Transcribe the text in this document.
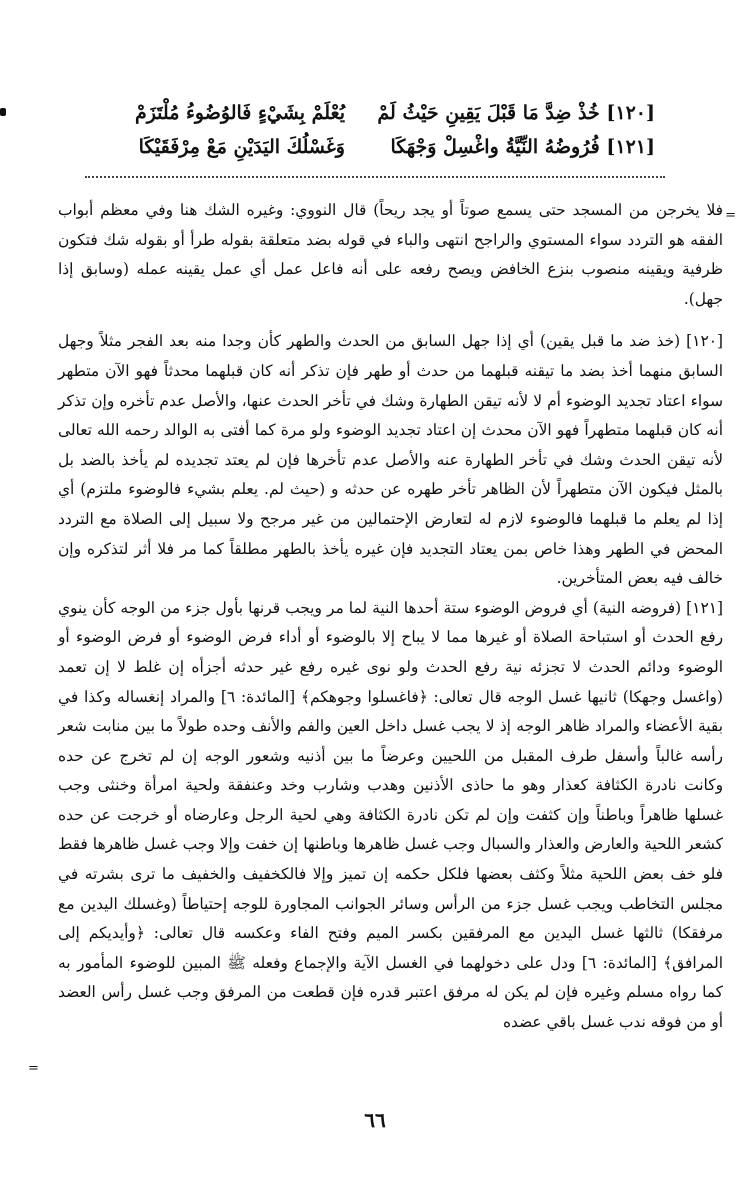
[١٢٠] خُذْ ضِدَّ مَا قَبْلَ يَقِينِ حَيْثُ لَمْ
يُعْلَمْ بِشَيْءٍ فَالوُضُوءُ مُلْتَزَمْ
[١٢١] فُرُوضُهُ النِّيَّةُ واغْسِلْ وَجْهَكَا
وَغَسْلُكَ اليَدَيْنِ مَعْ مِرْفَقَيْكَا
=

فلا يخرجن من المسجد حتى يسمع صوتاً أو يجد ريحاً) قال النووي: وغيره الشك هنا وفي معظم أبواب الفقه هو التردد سواء المستوي والراجح انتهى والباء في قوله بضد متعلقة بقوله طرأ أو بقوله شك فتكون ظرفية ويقينه منصوب بنزع الخافض ويصح رفعه على أنه فاعل عمل أي عمل يقينه عمله (وسابق إذا جهل).

[١٢٠] (خذ ضد ما قبل يقين) أي إذا جهل السابق من الحدث والطهر كأن وجدا منه بعد الفجر مثلاً وجهل السابق منهما أخذ بضد ما تيقنه قبلهما من حدث أو طهر فإن تذكر أنه كان قبلهما محدثاً فهو الآن متطهر سواء اعتاد تجديد الوضوء أم لا لأنه تيقن الطهارة وشك في تأخر الحدث عنها، والأصل عدم تأخره وإن تذكر أنه كان قبلهما متطهراً فهو الآن محدث إن اعتاد تجديد الوضوء ولو مرة كما أفتى به الوالد رحمه الله تعالى لأنه تيقن الحدث وشك في تأخر الطهارة عنه والأصل عدم تأخرها فإن لم يعتد تجديده لم يأخذ بالضد بل بالمثل فيكون الآن متطهراً لأن الظاهر تأخر طهره عن حدثه و (حيث لم. يعلم بشيء فالوضوء ملتزم) أي إذا لم يعلم ما قبلهما فالوضوء لازم له لتعارض الإحتمالين من غير مرجح ولا سبيل إلى الصلاة مع التردد المحض في الطهر وهذا خاص بمن يعتاد التجديد فإن غيره يأخذ بالطهر مطلقاً كما مر فلا أثر لتذكره وإن خالف فيه بعض المتأخرين.

[١٢١] (فروضه النية) أي فروض الوضوء ستة أحدها النية لما مر ويجب قرنها بأول جزء من الوجه كأن ينوي رفع الحدث أو استباحة الصلاة أو غيرها مما لا يباح إلا بالوضوء أو أداء فرض الوضوء أو فرض الوضوء أو الوضوء ودائم الحدث لا تجزئه نية رفع الحدث ولو نوى غيره رفع غير حدثه أجزأه إن غلط لا إن تعمد (واغسل وجهكا) ثانيها غسل الوجه قال تعالى: ﴿فاغسلوا وجوهكم﴾ [المائدة: ٦] والمراد إنغساله وكذا في بقية الأعضاء والمراد ظاهر الوجه إذ لا يجب غسل داخل العين والفم والأنف وحده طولاً ما بين منابت شعر رأسه غالباً وأسفل طرف المقبل من اللحيين وعرضاً ما بين أذنيه وشعور الوجه إن لم تخرج عن حده وكانت نادرة الكثافة كعذار وهو ما حاذى الأذنين وهدب وشارب وخد وعنفقة ولحية امرأة وخنثى وجب غسلها ظاهراً وباطناً وإن كثفت وإن لم تكن نادرة الكثافة وهي لحية الرجل وعارضاه أو خرجت عن حده كشعر اللحية والعارض والعذار والسبال وجب غسل ظاهرها وباطنها إن خفت وإلا وجب غسل ظاهرها فقط فلو خف بعض اللحية مثلاً وكثف بعضها فلكل حكمه إن تميز وإلا فالكخفيف والخفيف ما ترى بشرته في مجلس التخاطب ويجب غسل جزء من الرأس وسائر الجوانب المجاورة للوجه إحتياطاً (وغسلك اليدين مع مرفقكا) ثالثها غسل اليدين مع المرفقين بكسر الميم وفتح الفاء وعكسه قال تعالى: ﴿وأيديكم إلى المرافق﴾ [المائدة: ٦] ودل على دخولهما في الغسل الآية والإجماع وفعله ﷺ المبين للوضوء المأمور به كما رواه مسلم وغيره فإن لم يكن له مرفق اعتبر قدره فإن قطعت من المرفق وجب غسل رأس العضد أو من فوقه ندب غسل باقي عضده

=
٦٦
